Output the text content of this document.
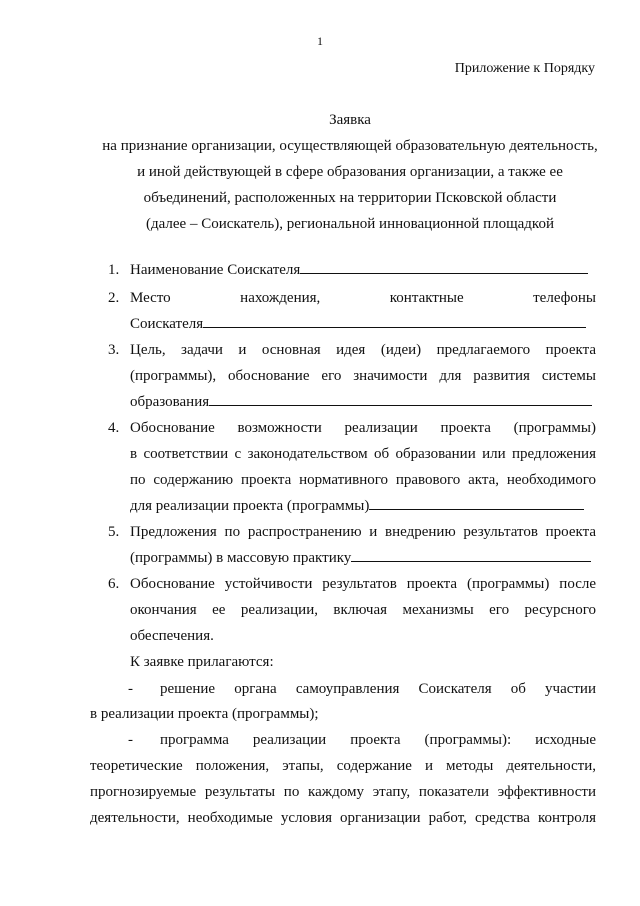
1
Приложение к Порядку
Заявка
на признание организации, осуществляющей образовательную деятельность,
и иной действующей в сфере образования организации, а также ее
объединений, расположенных на территории Псковской области
(далее – Соискатель), региональной инновационной площадкой
1. Наименование Соискателя
2. Место нахождения, контактные телефоны
Соискателя
3. Цель, задачи и основная идея (идеи) предлагаемого проекта
(программы), обоснование его значимости для развития системы
образования
4. Обоснование возможности реализации проекта (программы)
в соответствии с законодательством об образовании или предложения
по содержанию проекта нормативного правового акта, необходимого
для реализации проекта (программы)
5. Предложения по распространению и внедрению результатов проекта
(программы) в массовую практику
6. Обоснование устойчивости результатов проекта (программы) после
окончания ее реализации, включая механизмы его ресурсного
обеспечения.
К заявке прилагаются:
- решение органа самоуправления Соискателя об участии
в реализации проекта (программы);
- программа реализации проекта (программы): исходные
теоретические положения, этапы, содержание и методы деятельности,
прогнозируемые результаты по каждому этапу, показатели эффективности
деятельности, необходимые условия организации работ, средства контроля
